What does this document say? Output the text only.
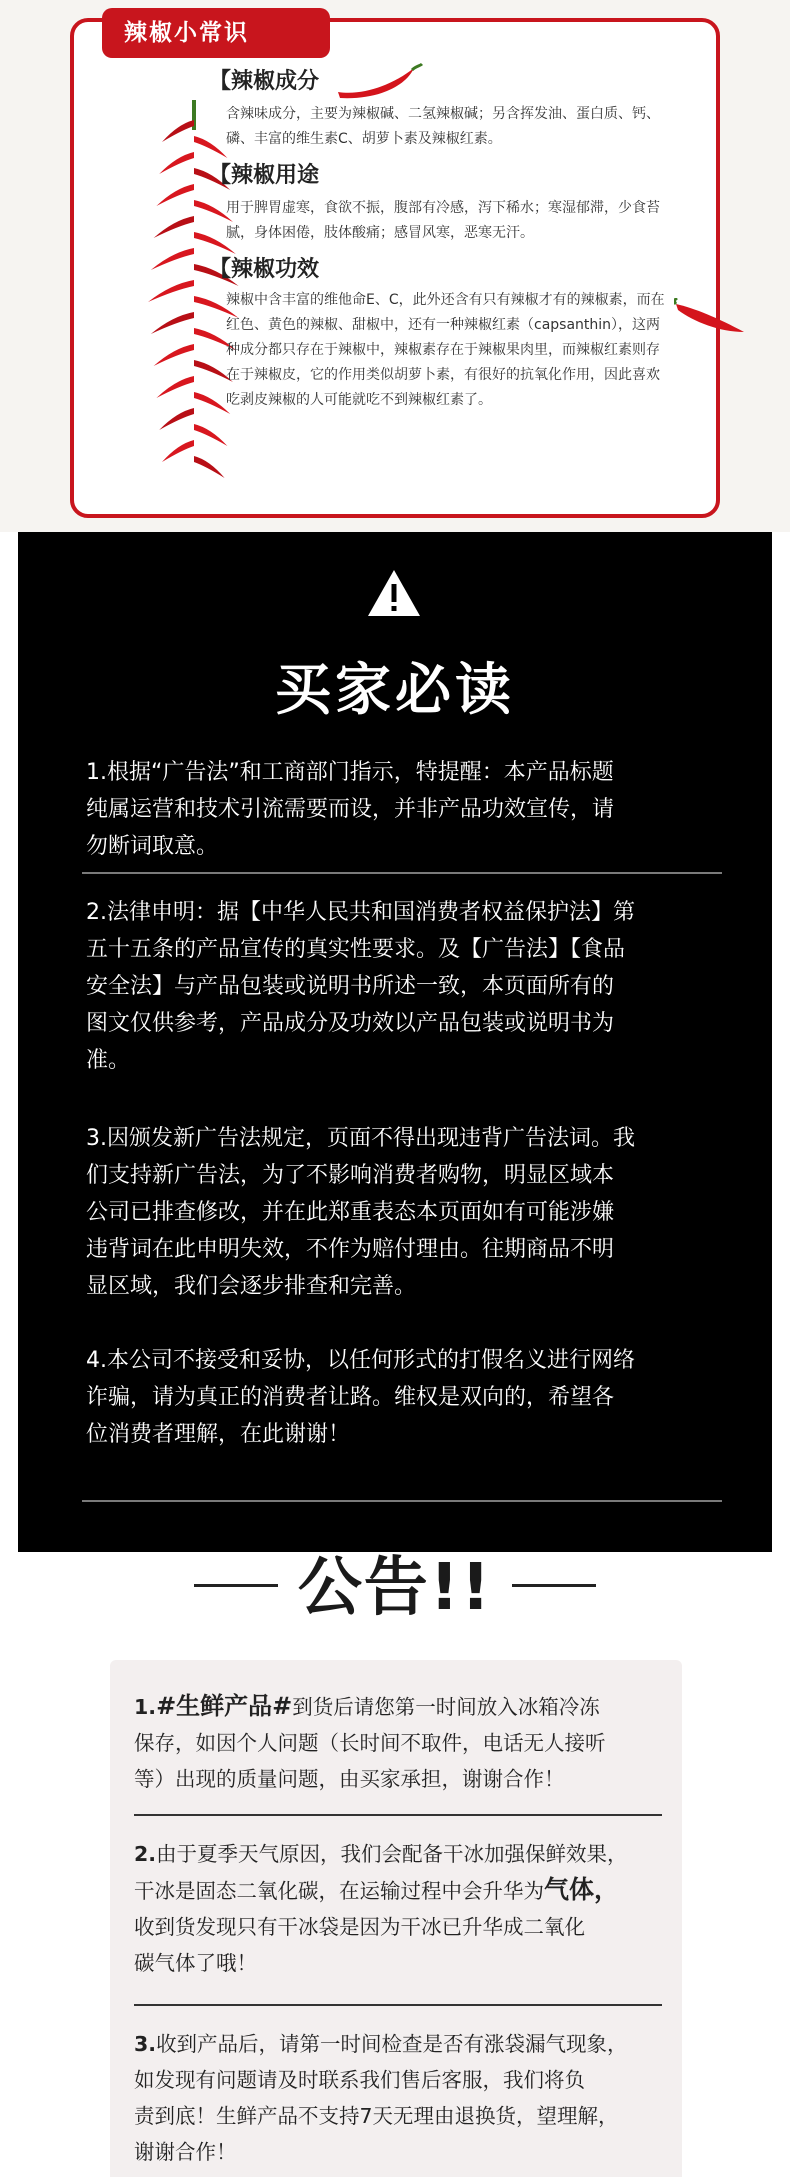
辣椒小常识
【辣椒成分
含辣味成分，主要为辣椒碱、二氢辣椒碱；另含挥发油、蛋白质、钙、
磷、丰富的维生素C、胡萝卜素及辣椒红素。
【辣椒用途
用于脾胃虚寒，食欲不振，腹部有冷感，泻下稀水；寒湿郁滞，少食苔
腻，身体困倦，肢体酸痛；感冒风寒，恶寒无汗。
【辣椒功效
辣椒中含丰富的维他命E、C，此外还含有只有辣椒才有的辣椒素，而在
红色、黄色的辣椒、甜椒中，还有一种辣椒红素（capsanthin），这两
种成分都只存在于辣椒中，辣椒素存在于辣椒果肉里，而辣椒红素则存
在于辣椒皮，它的作用类似胡萝卜素，有很好的抗氧化作用，因此喜欢
吃剥皮辣椒的人可能就吃不到辣椒红素了。
买家必读
1.根据“广告法”和工商部门指示，特提醒：本产品标题
纯属运营和技术引流需要而设，并非产品功效宣传，请
勿断词取意。
2.法律申明：据【中华人民共和国消费者权益保护法】第
五十五条的产品宣传的真实性要求。及【广告法】【食品
安全法】与产品包装或说明书所述一致，本页面所有的
图文仅供参考，产品成分及功效以产品包装或说明书为
准。
3.因颁发新广告法规定，页面不得出现违背广告法词。我
们支持新广告法，为了不影响消费者购物，明显区域本
公司已排查修改，并在此郑重表态本页面如有可能涉嫌
违背词在此申明失效，不作为赔付理由。往期商品不明
显区域，我们会逐步排查和完善。
4.本公司不接受和妥协，以任何形式的打假名义进行网络
诈骗，请为真正的消费者让路。维权是双向的，希望各
位消费者理解，在此谢谢！
公告!!
1.#生鲜产品#到货后请您第一时间放入冰箱冷冻
保存，如因个人问题（长时间不取件，电话无人接听
等）出现的质量问题，由买家承担，谢谢合作！
2.由于夏季天气原因，我们会配备干冰加强保鲜效果，
干冰是固态二氧化碳，在运输过程中会升华为气体，
收到货发现只有干冰袋是因为干冰已升华成二氧化
碳气体了哦！
3.收到产品后，请第一时间检查是否有涨袋漏气现象，
如发现有问题请及时联系我们售后客服，我们将负
责到底！生鲜产品不支持7天无理由退换货，望理解，
谢谢合作！
